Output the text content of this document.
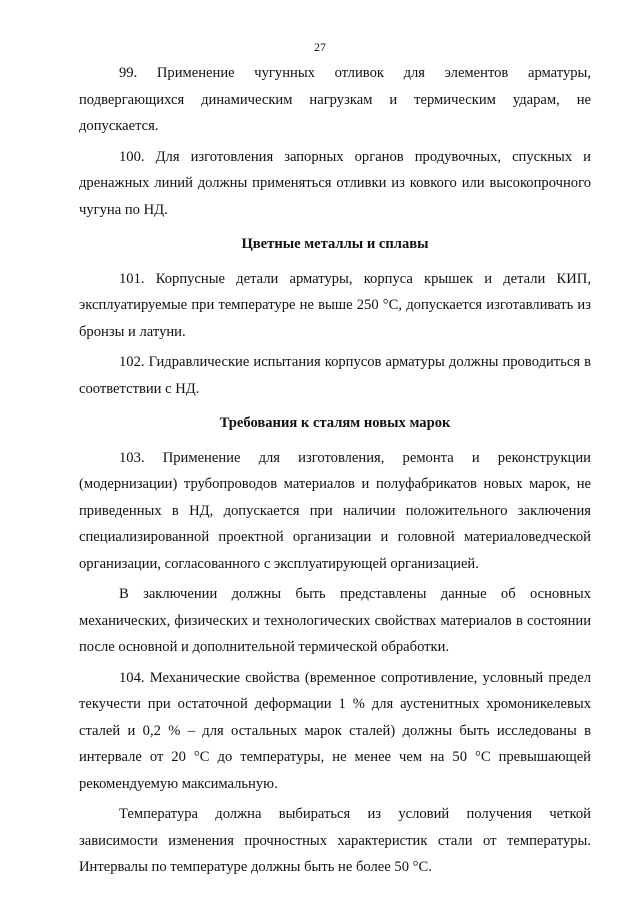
27

99. Применение чугунных отливок для элементов арматуры, подвергающихся динамическим нагрузкам и термическим ударам, не допускается.

100. Для изготовления запорных органов продувочных, спускных и дренажных линий должны применяться отливки из ковкого или высокопрочного чугуна по НД.

Цветные металлы и сплавы

101. Корпусные детали арматуры, корпуса крышек и детали КИП, эксплуатируемые при температуре не выше 250 °С, допускается изготавливать из бронзы и латуни.

102. Гидравлические испытания корпусов арматуры должны проводиться в соответствии с НД.

Требования к сталям новых марок

103. Применение для изготовления, ремонта и реконструкции (модернизации) трубопроводов материалов и полуфабрикатов новых марок, не приведенных в НД, допускается при наличии положительного заключения специализированной проектной организации и головной материаловедческой организации, согласованного с эксплуатирующей организацией.

В заключении должны быть представлены данные об основных механических, физических и технологических свойствах материалов в состоянии после основной и дополнительной термической обработки.

104. Механические свойства (временное сопротивление, условный предел текучести при остаточной деформации 1 % для аустенитных хромоникелевых сталей и 0,2 % – для остальных марок сталей) должны быть исследованы в интервале от 20 °С до температуры, не менее чем на 50 °С превышающей рекомендуемую максимальную.

Температура должна выбираться из условий получения четкой зависимости изменения прочностных характеристик стали от температуры. Интервалы по температуре должны быть не более 50 °С.
